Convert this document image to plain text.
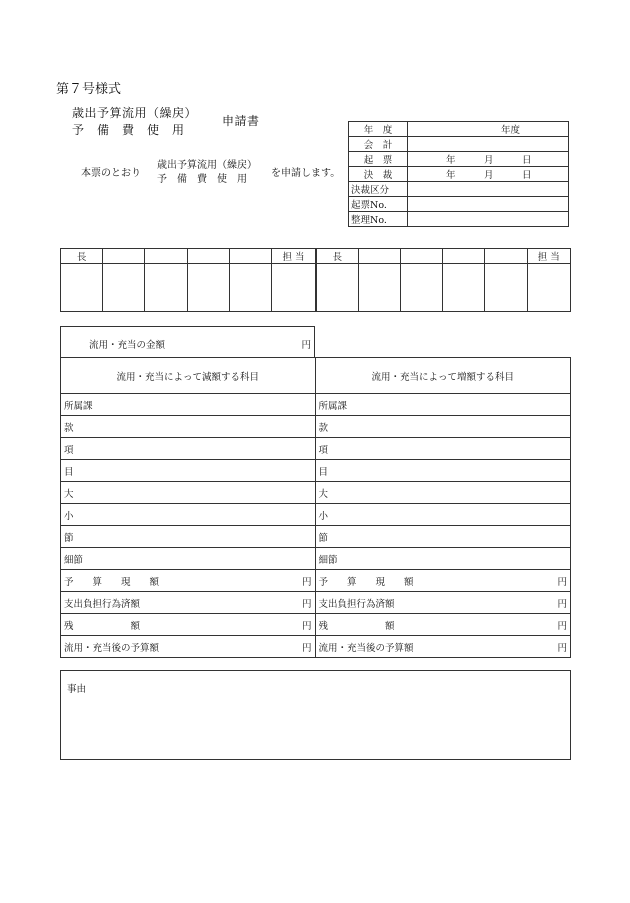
第７号様式
歳出予算流用（繰戻）
予　備　費　使　用
申請書
本票のとおり
歳出予算流用（繰戻）
予　備　費　使　用
を申請します。
年　度	年度
会　計	
起　票	年　　　月　　　日
決　裁	年　　　月　　　日
決裁区分	
起票No.	
整理No.	
長					担 当	長					担 当

流用・充当の金額	円
流用・充当によって減額する科目	流用・充当によって増額する科目
所属課	所属課
款	款
項	項
目	目
大	大
小	小
節	節
細節	細節

予　　算　　現　　額 円	予　　算　　現　　額 円

支出負担行為済額 円	支出負担行為済額 円

残　　　　　　額 円	残　　　　　　額 円

流用・充当後の予算額 円	流用・充当後の予算額 円
事由
